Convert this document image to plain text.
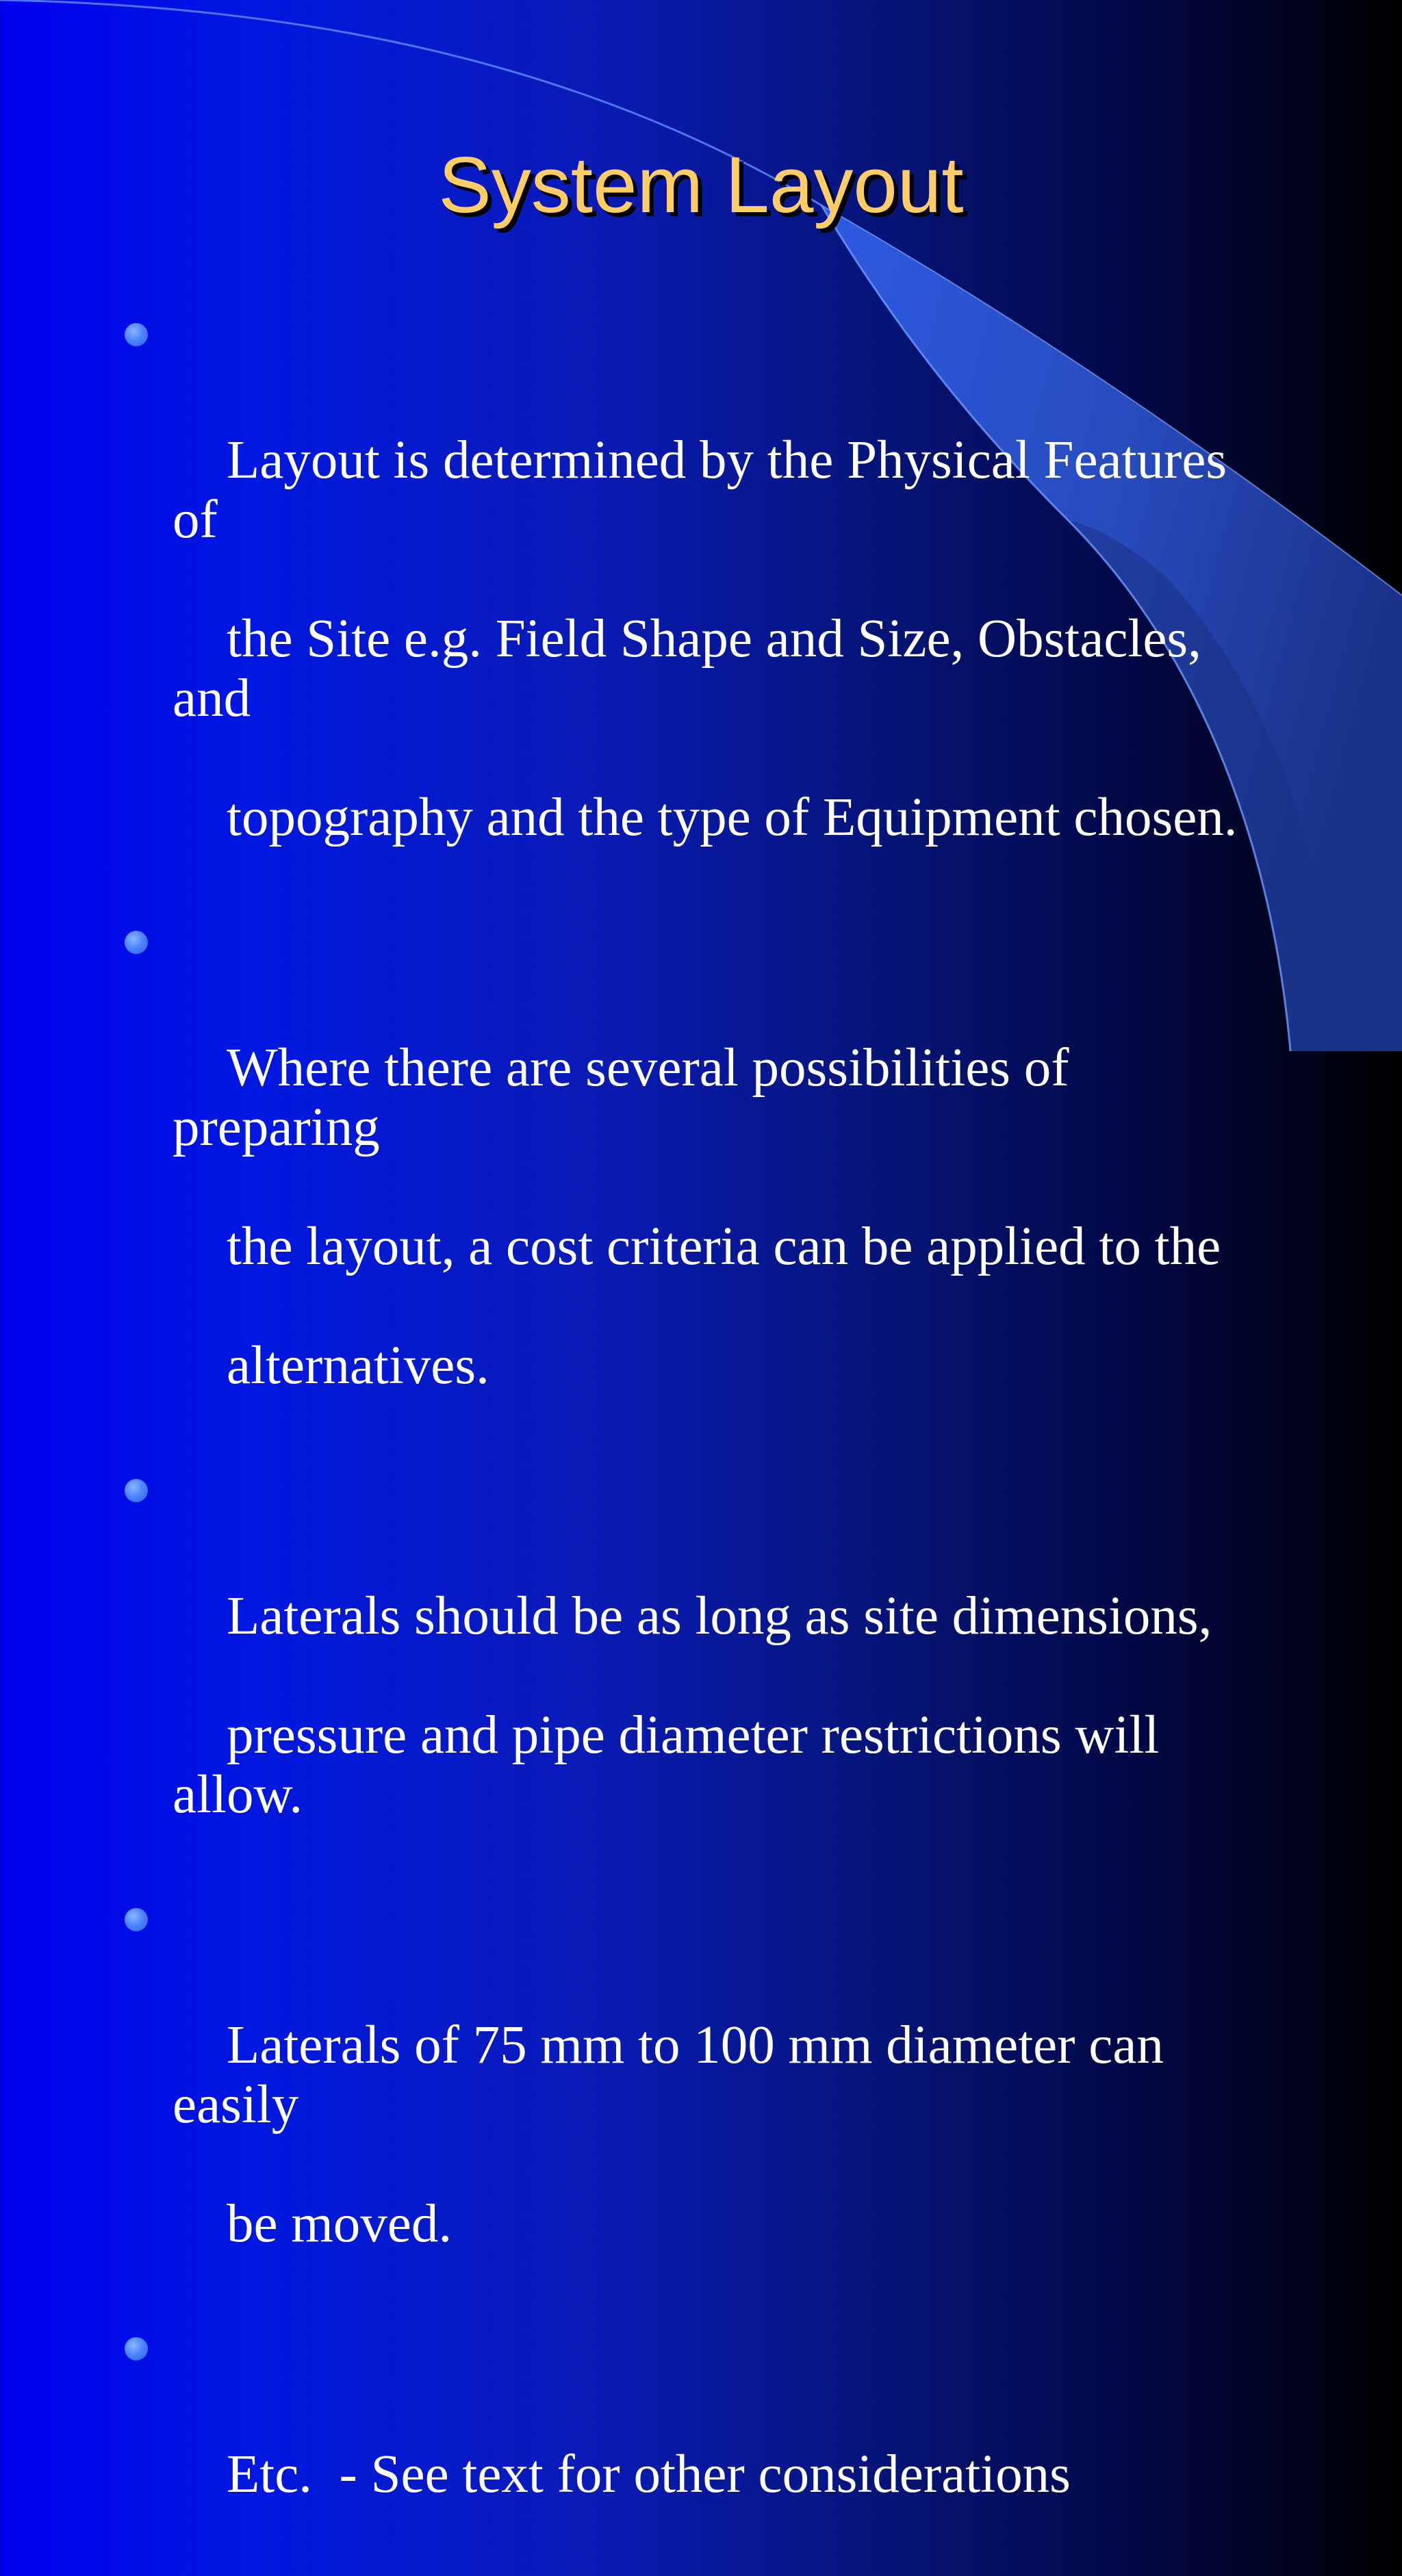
System Layout

Layout is determined by the Physical Features of

the Site e.g. Field Shape and Size, Obstacles, and

topography and the type of Equipment chosen.

Where there are several possibilities of preparing

the layout, a cost criteria can be applied to the

alternatives.

Laterals should be as long as site dimensions,

pressure and pipe diameter restrictions will allow.

Laterals of 75 mm to 100 mm diameter can easily

be moved.

Etc.  - See text for other considerations
